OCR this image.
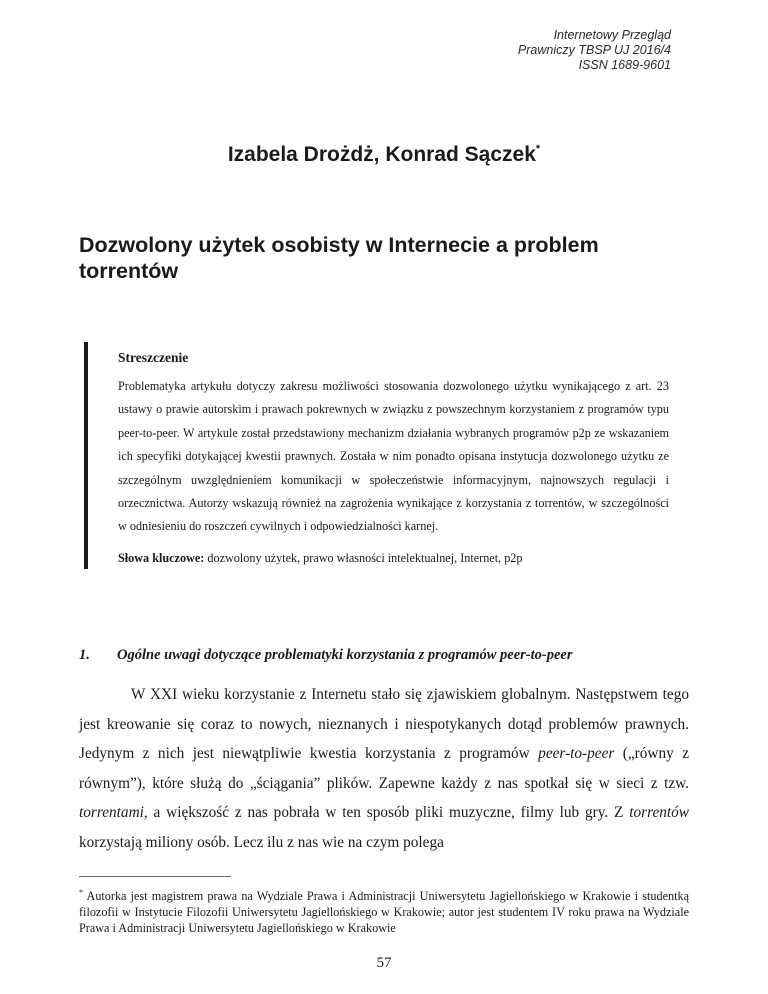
Internetowy Przegląd
Prawniczy TBSP UJ 2016/4
ISSN 1689-9601
Izabela Drożdż, Konrad Sączek*
Dozwolony użytek osobisty w Internecie a problem torrentów
Streszczenie
Problematyka artykułu dotyczy zakresu możliwości stosowania dozwolonego użytku wynikającego z art. 23 ustawy o prawie autorskim i prawach pokrewnych w związku z powszechnym korzystaniem z programów typu peer-to-peer. W artykule został przedstawiony mechanizm działania wybranych programów p2p ze wskazaniem ich specyfiki dotykającej kwestii prawnych. Została w nim ponadto opisana instytucja dozwolonego użytku ze szczególnym uwzględnieniem komunikacji w społeczeństwie informacyjnym, najnowszych regulacji i orzecznictwa. Autorzy wskazują również na zagrożenia wynikające z korzystania z torrentów, w szczególności w odniesieniu do roszczeń cywilnych i odpowiedzialności karnej.
Słowa kluczowe: dozwolony użytek, prawo własności intelektualnej, Internet, p2p
1. Ogólne uwagi dotyczące problematyki korzystania z programów peer-to-peer

W XXI wieku korzystanie z Internetu stało się zjawiskiem globalnym. Następstwem tego jest kreowanie się coraz to nowych, nieznanych i niespotykanych dotąd problemów prawnych. Jedynym z nich jest niewątpliwie kwestia korzystania z programów peer-to-peer („równy z równym”), które służą do „ściągania” plików. Zapewne każdy z nas spotkał się w sieci z tzw. torrentami, a większość z nas pobrała w ten sposób pliki muzyczne, filmy lub gry. Z torrentów korzystają miliony osób. Lecz ilu z nas wie na czym polega

* Autorka jest magistrem prawa na Wydziale Prawa i Administracji Uniwersytetu Jagiellońskiego w Krakowie i studentką filozofii w Instytucie Filozofii Uniwersytetu Jagiellońskiego w Krakowie; autor jest studentem IV roku prawa na Wydziale Prawa i Administracji Uniwersytetu Jagiellońskiego w Krakowie
57
